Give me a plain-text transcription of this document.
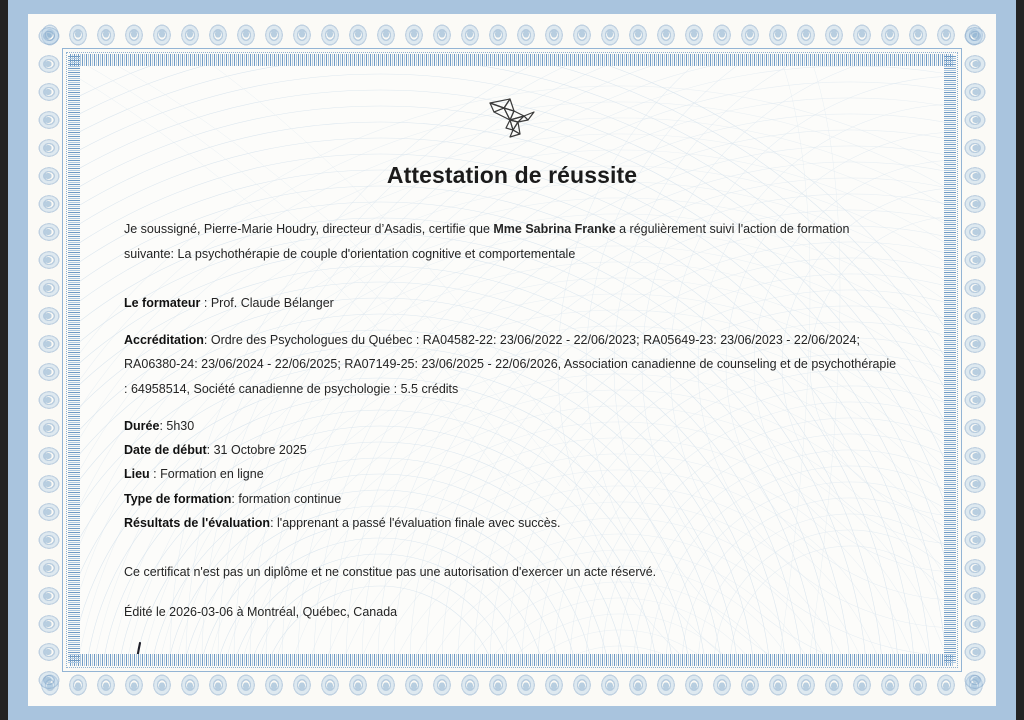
Attestation de réussite

Je soussigné, Pierre-Marie Houdry, directeur d’Asadis, certifie que Mme Sabrina Franke a régulièrement suivi l'action de formation suivante: La psychothérapie de couple d'orientation cognitive et comportementale

Le formateur : Prof. Claude Bélanger

Accréditation: Ordre des Psychologues du Québec : RA04582-22: 23/06/2022 - 22/06/2023; RA05649-23: 23/06/2023 - 22/06/2024; RA06380-24: 23/06/2024 - 22/06/2025; RA07149-25: 23/06/2025 - 22/06/2026, Association canadienne de counseling et de psychothérapie : 64958514, Société canadienne de psychologie : 5.5 crédits

Durée: 5h30

Date de début: 31 Octobre 2025

Lieu : Formation en ligne

Type de formation: formation continue

Résultats de l'évaluation: l'apprenant a passé l'évaluation finale avec succès.

Ce certificat n'est pas un diplôme et ne constitue pas une autorisation d'exercer un acte réservé.

Édité le 2026-03-06 à Montréal, Québec, Canada
